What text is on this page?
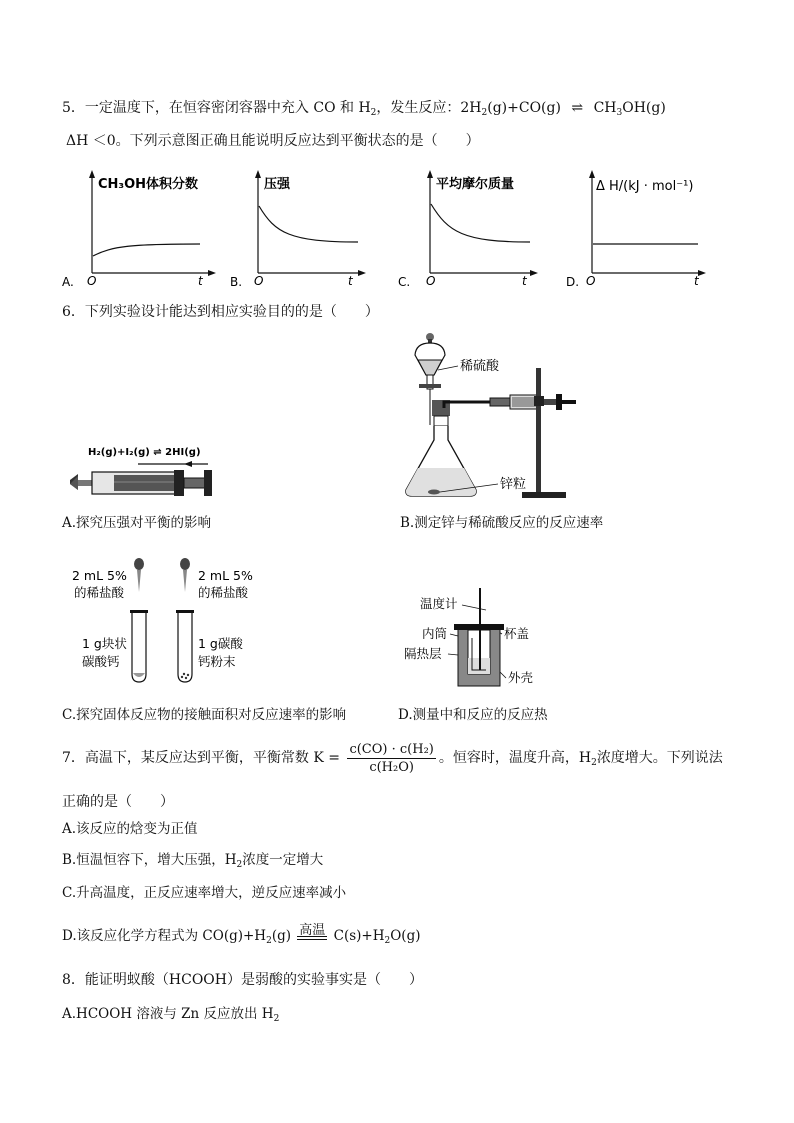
5．一定温度下，在恒容密闭容器中充入 CO 和 $H_2$，发生反应：$2H_2(g)+CO(g)$ ⇌ $CH_3OH(g)$
ΔH ＜0。下列示意图正确且能说明反应达到平衡状态的是（　　）
A.
CH₃OH体积分数
O	t B.
压强
O	t	C.
平均摩尔质量
O	t	D.
Δ H/(kJ · mol⁻¹)
O	t
6．下列实验设计能达到相应实验目的的是（　　）
H₂(g)+I₂(g) ⇌ 2HI(g)
A.探究压强对平衡的影响
稀硫酸
锌粒
B.测定锌与稀硫酸反应的反应速率
2 mL 5%
的稀盐酸
2 mL 5%
的稀盐酸
1 g块状
碳酸钙
1 g碳酸
钙粉末
C.探究固体反应物的接触面积对反应速率的影响
温度计
内筒	杯盖
隔热层
外壳
D.测量中和反应的反应热
7．高温下，某反应达到平衡，平衡常数 $K = \frac{\text{c(CO) · c(H₂)}}{\text{c(H₂O)}}$ 。恒容时，温度升高，$H_2$浓度增大。下列说法
正确的是（　　）
A.该反应的焓变为正值
B.恒温恒容下，增大压强，$H_2$浓度一定增大
C.升高温度，正反应速率增大，逆反应速率减小
D.该反应化学方程式为 $CO(g)+H_2(g)$ 高温 $C(s)+H_2O(g)$
8．能证明蚁酸（HCOOH）是弱酸的实验事实是（　　）
A.HCOOH 溶液与 Zn 反应放出 $H_2$
